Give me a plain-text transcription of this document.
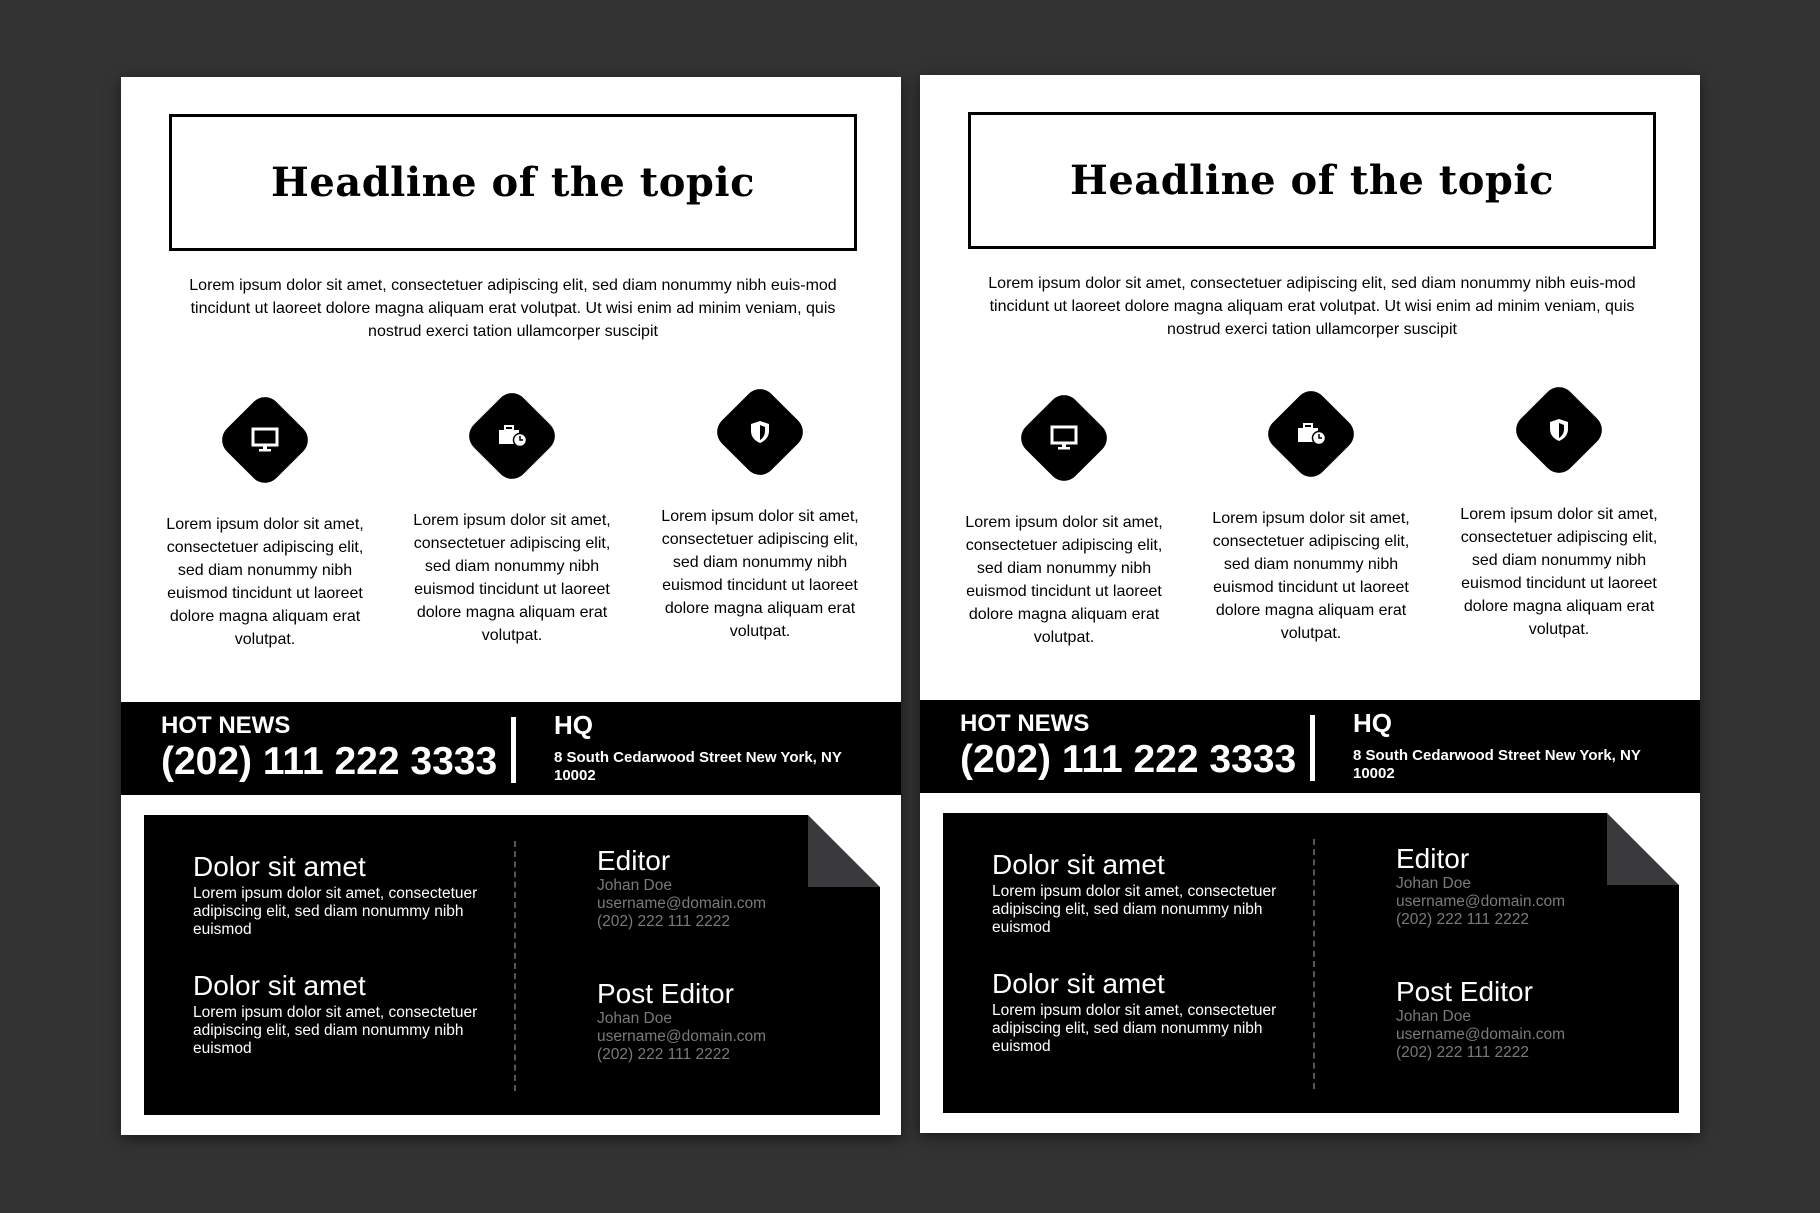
Headline of the topic

Lorem ipsum dolor sit amet, consectetuer adipiscing elit, sed diam nonummy nibh euis-mod tincidunt ut laoreet dolore magna aliquam erat volutpat. Ut wisi enim ad minim veniam, quis nostrud exerci tation ullamcorper suscipit

Lorem ipsum dolor sit amet, consectetuer adipiscing elit, sed diam nonummy nibh euismod tincidunt ut laoreet dolore magna aliquam erat volutpat.

Lorem ipsum dolor sit amet, consectetuer adipiscing elit, sed diam nonummy nibh euismod tincidunt ut laoreet dolore magna aliquam erat volutpat.

Lorem ipsum dolor sit amet, consectetuer adipiscing elit, sed diam nonummy nibh euismod tincidunt ut laoreet dolore magna aliquam erat volutpat.

HOT NEWS
(202) 111 222 3333
HQ
8 South Cedarwood Street New York, NY 10002
Dolor sit amet

Lorem ipsum dolor sit amet, consectetuer adipiscing elit, sed diam nonummy nibh euismod

Dolor sit amet

Lorem ipsum dolor sit amet, consectetuer adipiscing elit, sed diam nonummy nibh euismod

Editor

Johan Doe

username@domain.com

(202) 222 111 2222

Post Editor

Johan Doe

username@domain.com

(202) 222 111 2222

Headline of the topic

Lorem ipsum dolor sit amet, consectetuer adipiscing elit, sed diam nonummy nibh euis-mod tincidunt ut laoreet dolore magna aliquam erat volutpat. Ut wisi enim ad minim veniam, quis nostrud exerci tation ullamcorper suscipit

Lorem ipsum dolor sit amet, consectetuer adipiscing elit, sed diam nonummy nibh euismod tincidunt ut laoreet dolore magna aliquam erat volutpat.

Lorem ipsum dolor sit amet, consectetuer adipiscing elit, sed diam nonummy nibh euismod tincidunt ut laoreet dolore magna aliquam erat volutpat.

Lorem ipsum dolor sit amet, consectetuer adipiscing elit, sed diam nonummy nibh euismod tincidunt ut laoreet dolore magna aliquam erat volutpat.

HOT NEWS
(202) 111 222 3333
HQ
8 South Cedarwood Street New York, NY 10002
Dolor sit amet

Lorem ipsum dolor sit amet, consectetuer adipiscing elit, sed diam nonummy nibh euismod

Dolor sit amet

Lorem ipsum dolor sit amet, consectetuer adipiscing elit, sed diam nonummy nibh euismod

Editor

Johan Doe

username@domain.com

(202) 222 111 2222

Post Editor

Johan Doe

username@domain.com

(202) 222 111 2222
